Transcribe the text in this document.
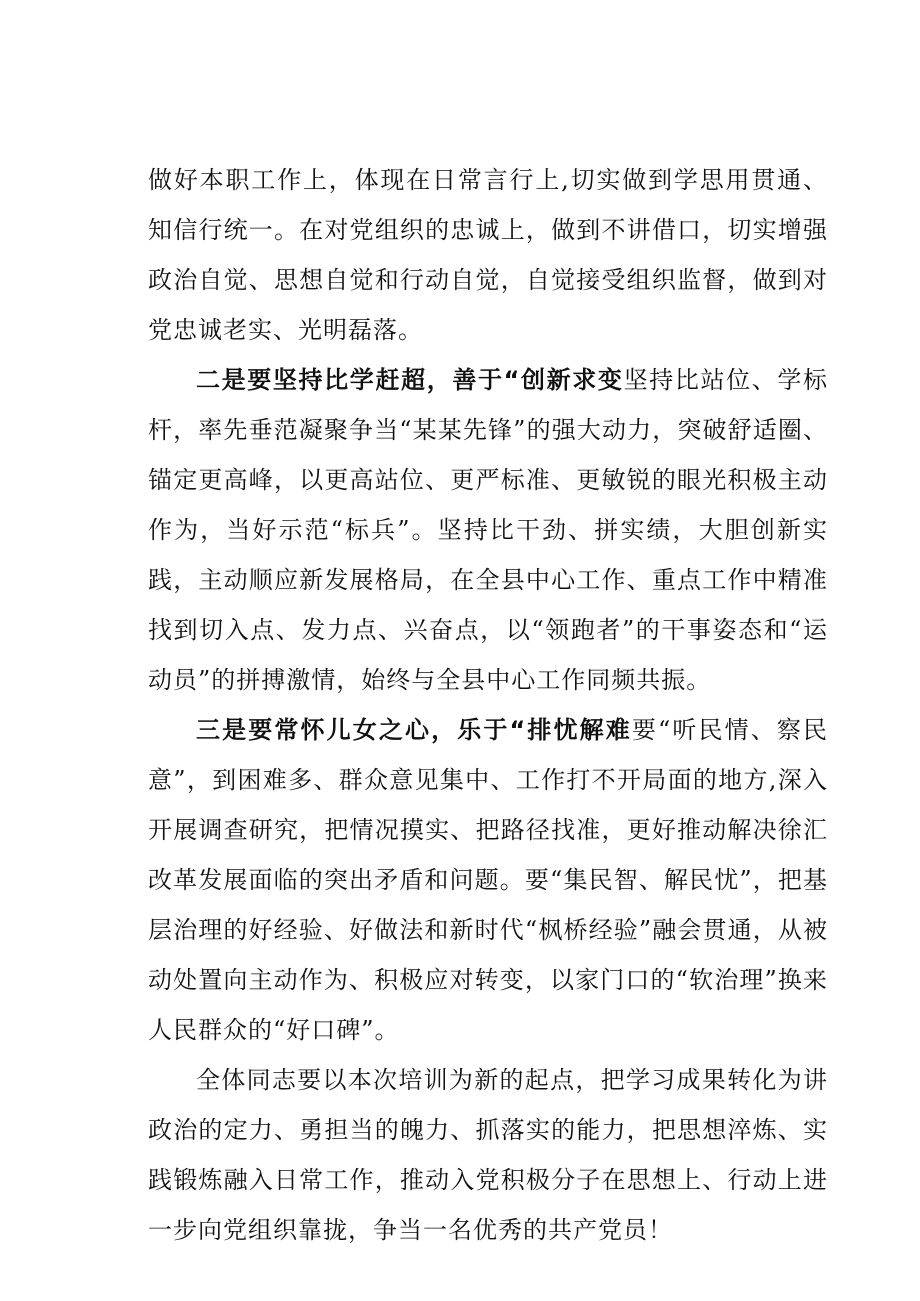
做好本职工作上，体现在日常言行上,切实做到学思用贯通、知信行统一。在对党组织的忠诚上，做到不讲借口，切实增强政治自觉、思想自觉和行动自觉，自觉接受组织监督，做到对党忠诚老实、光明磊落。

二是要坚持比学赶超，善于“创新求变坚持比站位、学标杆，率先垂范凝聚争当“某某先锋”的强大动力，突破舒适圈、锚定更高峰，以更高站位、更严标准、更敏锐的眼光积极主动作为，当好示范“标兵”。坚持比干劲、拼实绩，大胆创新实践，主动顺应新发展格局，在全县中心工作、重点工作中精准找到切入点、发力点、兴奋点，以“领跑者”的干事姿态和“运动员”的拼搏激情，始终与全县中心工作同频共振。

三是要常怀儿女之心，乐于“排忧解难要“听民情、察民意”，到困难多、群众意见集中、工作打不开局面的地方,深入开展调查研究，把情况摸实、把路径找准，更好推动解决徐汇改革发展面临的突出矛盾和问题。要“集民智、解民忧”，把基层治理的好经验、好做法和新时代“枫桥经验”融会贯通，从被动处置向主动作为、积极应对转变，以家门口的“软治理”换来人民群众的“好口碑”。

全体同志要以本次培训为新的起点，把学习成果转化为讲政治的定力、勇担当的魄力、抓落实的能力，把思想淬炼、实践锻炼融入日常工作，推动入党积极分子在思想上、行动上进一步向党组织靠拢，争当一名优秀的共产党员！
